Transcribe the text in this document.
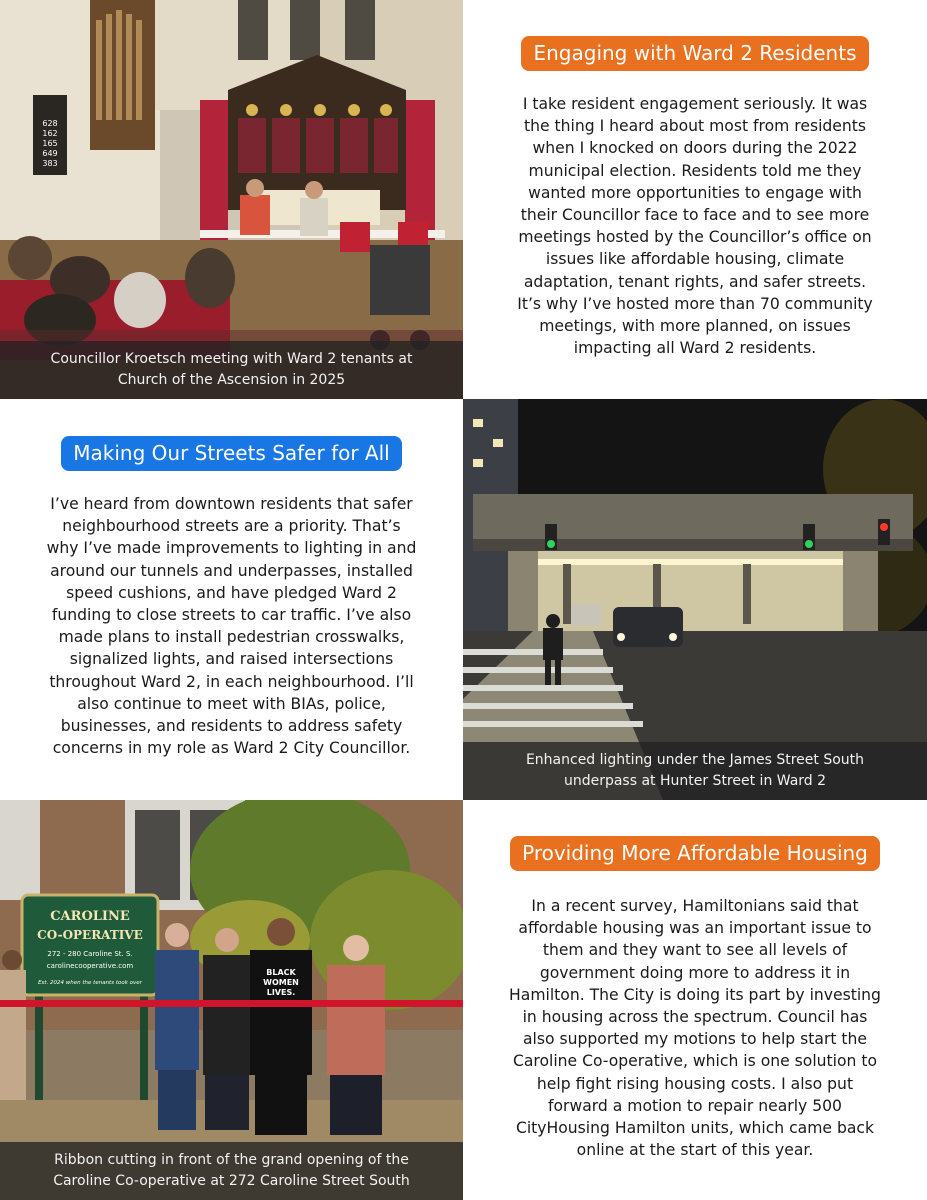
628
162
165
649
383
Councillor Kroetsch meeting with Ward 2 tenants at
Church of the Ascension in 2025
Engaging with Ward 2 Residents

I take resident engagement seriously. It was
the thing I heard about most from residents
when I knocked on doors during the 2022
municipal election. Residents told me they
wanted more opportunities to engage with
their Councillor face to face and to see more
meetings hosted by the Councillor’s office on
issues like affordable housing, climate
adaptation, tenant rights, and safer streets.
It’s why I’ve hosted more than 70 community
meetings, with more planned, on issues
impacting all Ward 2 residents.

Making Our Streets Safer for All

I’ve heard from downtown residents that safer
neighbourhood streets are a priority. That’s
why I’ve made improvements to lighting in and
around our tunnels and underpasses, installed
speed cushions, and have pledged Ward 2
funding to close streets to car traffic. I’ve also
made plans to install pedestrian crosswalks,
signalized lights, and raised intersections
throughout Ward 2, in each neighbourhood. I’ll
also continue to meet with BIAs, police,
businesses, and residents to address safety
concerns in my role as Ward 2 City Councillor.

Enhanced lighting under the James Street South
underpass at Hunter Street in Ward 2
CAROLINE
CO-OPERATIVE
272 - 280 Caroline St. S.
carolinecooperative.com
Est. 2024 when the tenants took over
BLACK
WOMEN
LIVES.
Ribbon cutting in front of the grand opening of the
Caroline Co-operative at 272 Caroline Street South
Providing More Affordable Housing

In a recent survey, Hamiltonians said that
affordable housing was an important issue to
them and they want to see all levels of
government doing more to address it in
Hamilton. The City is doing its part by investing
in housing across the spectrum. Council has
also supported my motions to help start the
Caroline Co-operative, which is one solution to
help fight rising housing costs. I also put
forward a motion to repair nearly 500
CityHousing Hamilton units, which came back
online at the start of this year.
